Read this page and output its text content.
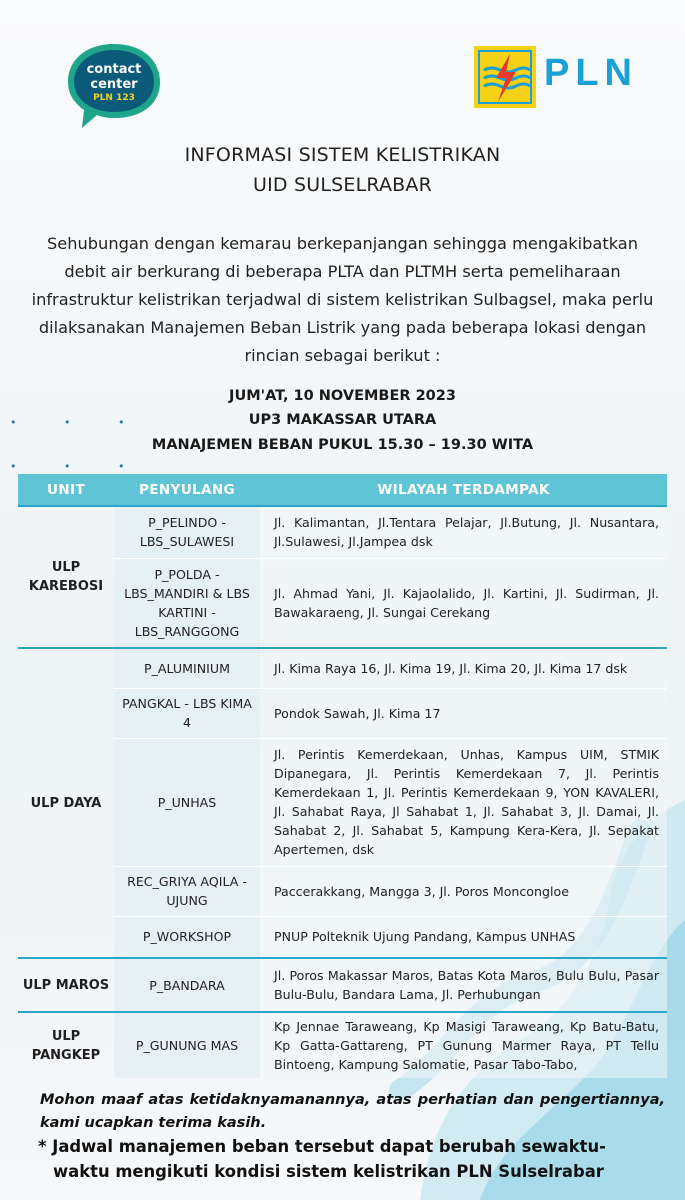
contact
center
PLN 123
PLN
INFORMASI SISTEM KELISTRIKAN
UID SULSELRABAR
Sehubungan dengan kemarau berkepanjangan sehingga mengakibatkan debit air berkurang di beberapa PLTA dan PLTMH serta pemeliharaan infrastruktur kelistrikan terjadwal di sistem kelistrikan Sulbagsel, maka perlu dilaksanakan Manajemen Beban Listrik yang pada beberapa lokasi dengan rincian sebagai berikut :
• • •
• • •
JUM'AT, 10 NOVEMBER 2023
UP3 MAKASSAR UTARA
MANAJEMEN BEBAN PUKUL 15.30 – 19.30 WITA
UNIT	PENYULANG	WILAYAH TERDAMPAK
ULP KAREBOSI	P_PELINDO - LBS_SULAWESI	Jl. Kalimantan, Jl.Tentara Pelajar, Jl.Butung, Jl. Nusantara, Jl.Sulawesi, Jl.Jampea dsk
	P_POLDA - LBS_MANDIRI & LBS KARTINI - LBS_RANGGONG	Jl. Ahmad Yani, Jl. Kajaolalido, Jl. Kartini, Jl. Sudirman, Jl. Bawakaraeng, Jl. Sungai Cerekang
ULP DAYA	P_ALUMINIUM	Jl. Kima Raya 16, Jl. Kima 19, Jl. Kima 20, Jl. Kima 17 dsk
	PANGKAL - LBS KIMA 4	Pondok Sawah, Jl. Kima 17
	P_UNHAS	Jl. Perintis Kemerdekaan, Unhas, Kampus UIM, STMIK Dipanegara, Jl. Perintis Kemerdekaan 7, Jl. Perintis Kemerdekaan 1, Jl. Perintis Kemerdekaan 9, YON KAVALERI, Jl. Sahabat Raya, Jl Sahabat 1, Jl. Sahabat 3, Jl. Damai, Jl. Sahabat 2, Jl. Sahabat 5, Kampung Kera-Kera, Jl. Sepakat Apertemen, dsk
	REC_GRIYA AQILA - UJUNG	Paccerakkang, Mangga 3, Jl. Poros Moncongloe
	P_WORKSHOP	PNUP Polteknik Ujung Pandang, Kampus UNHAS
ULP MAROS	P_BANDARA	Jl. Poros Makassar Maros, Batas Kota Maros, Bulu Bulu, Pasar Bulu-Bulu, Bandara Lama, Jl. Perhubungan
ULP PANGKEP	P_GUNUNG MAS	Kp Jennae Taraweang, Kp Masigi Taraweang, Kp Batu-Batu, Kp Gatta-Gattareng, PT Gunung Marmer Raya, PT Tellu Bintoeng, Kampung Salomatie, Pasar Tabo-Tabo,
Mohon maaf atas ketidaknyamanannya, atas perhatian dan pengertiannya, kami ucapkan terima kasih.
* Jadwal manajemen beban tersebut dapat berubah sewaktu-
waktu mengikuti kondisi sistem kelistrikan PLN Sulselrabar
